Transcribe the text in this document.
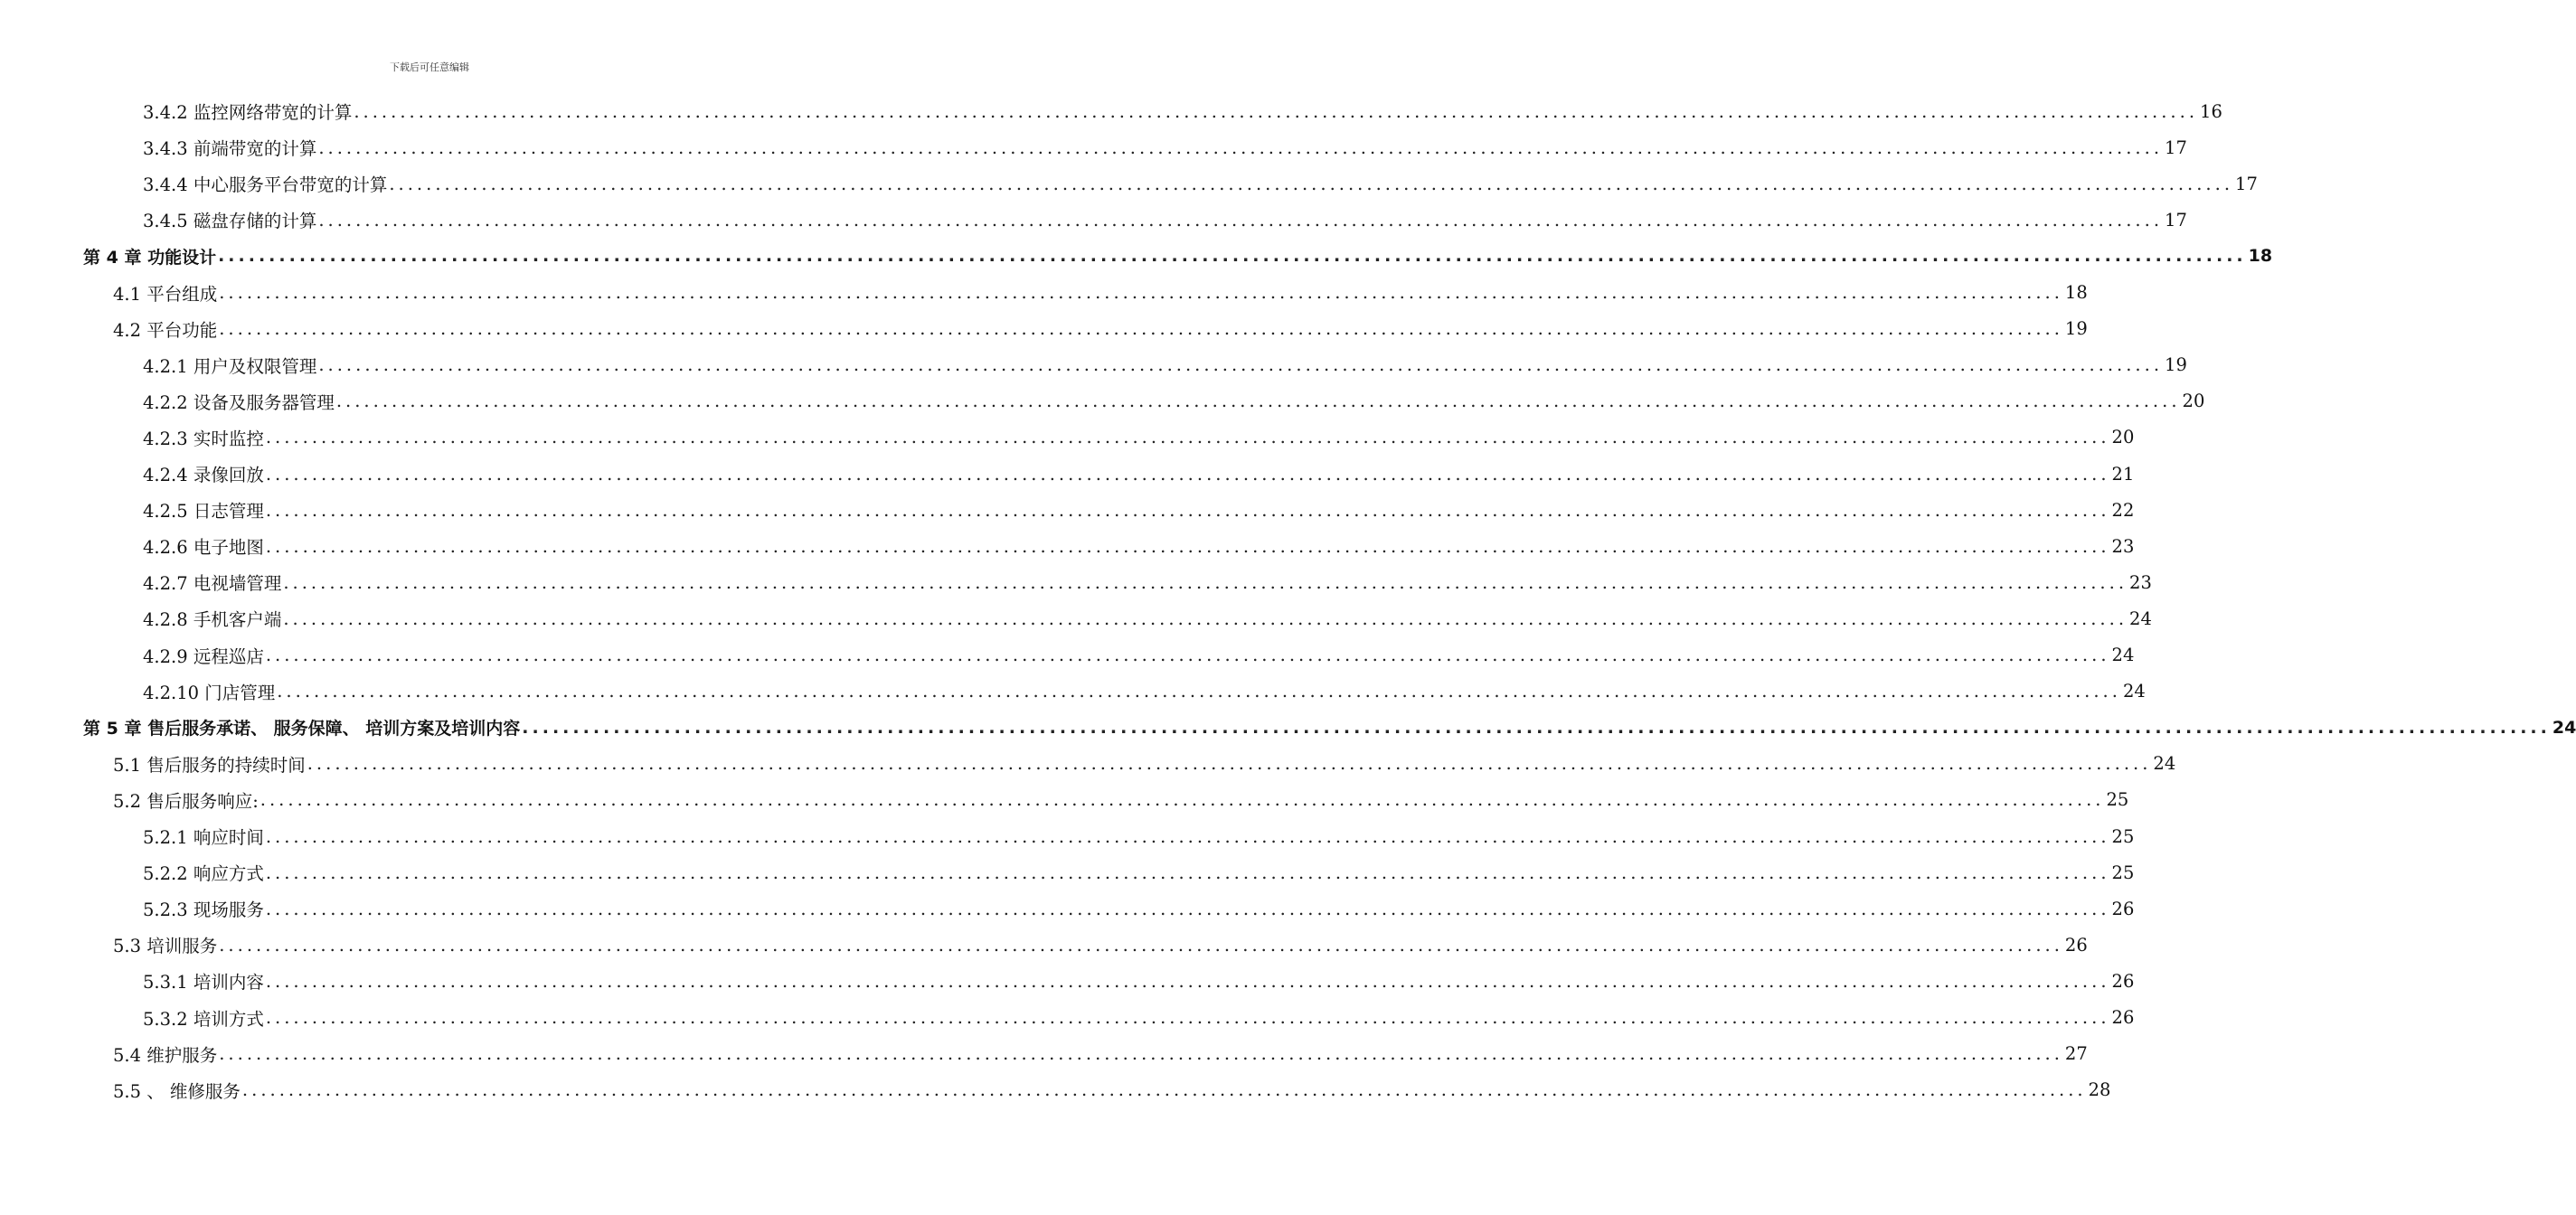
下载后可任意编辑
3.4.2 监控网络带宽的计算 ........................................................................................................................................................................................................ 16
3.4.3 前端带宽的计算 ........................................................................................................................................................................................................ 17
3.4.4 中心服务平台带宽的计算 ........................................................................................................................................................................................................ 17
3.4.5 磁盘存储的计算 ........................................................................................................................................................................................................ 17
第 4 章 功能设计 ........................................................................................................................................................................................................ 18
4.1 平台组成 ........................................................................................................................................................................................................ 18
4.2 平台功能 ........................................................................................................................................................................................................ 19
4.2.1 用户及权限管理 ........................................................................................................................................................................................................ 19
4.2.2 设备及服务器管理 ........................................................................................................................................................................................................ 20
4.2.3 实时监控 ........................................................................................................................................................................................................ 20
4.2.4 录像回放 ........................................................................................................................................................................................................ 21
4.2.5 日志管理 ........................................................................................................................................................................................................ 22
4.2.6 电子地图 ........................................................................................................................................................................................................ 23
4.2.7 电视墙管理 ........................................................................................................................................................................................................ 23
4.2.8 手机客户端 ........................................................................................................................................................................................................ 24
4.2.9 远程巡店 ........................................................................................................................................................................................................ 24
4.2.10 门店管理 ........................................................................................................................................................................................................ 24
第 5 章 售后服务承诺、 服务保障、 培训方案及培训内容 ........................................................................................................................................................................................................ 24
5.1 售后服务的持续时间 ........................................................................................................................................................................................................ 24
5.2 售后服务响应: ........................................................................................................................................................................................................ 25
5.2.1 响应时间 ........................................................................................................................................................................................................ 25
5.2.2 响应方式 ........................................................................................................................................................................................................ 25
5.2.3 现场服务 ........................................................................................................................................................................................................ 26
5.3 培训服务 ........................................................................................................................................................................................................ 26
5.3.1 培训内容 ........................................................................................................................................................................................................ 26
5.3.2 培训方式 ........................................................................................................................................................................................................ 26
5.4 维护服务 ........................................................................................................................................................................................................ 27
5.5 、 维修服务 ........................................................................................................................................................................................................ 28
